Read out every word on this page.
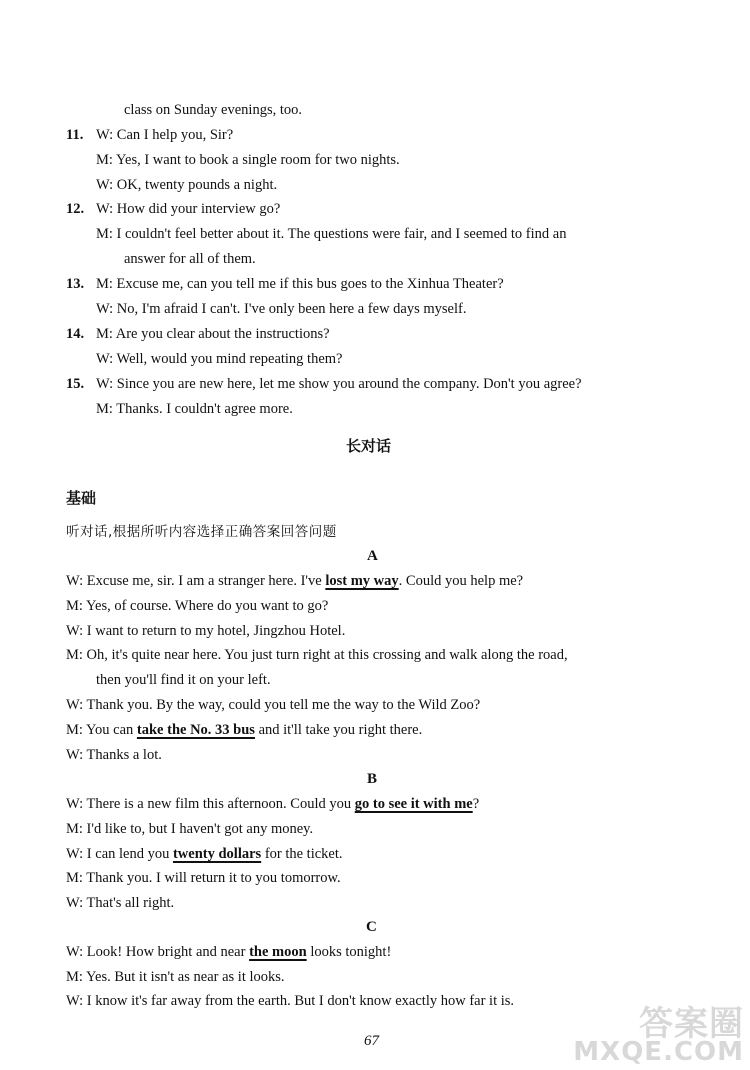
class on Sunday evenings, too.
11. W: Can I help you, Sir?
M: Yes, I want to book a single room for two nights.
W: OK, twenty pounds a night.
12. W: How did your interview go?
M: I couldn't feel better about it. The questions were fair, and I seemed to find an
answer for all of them.
13. M: Excuse me, can you tell me if this bus goes to the Xinhua Theater?
W: No, I'm afraid I can't. I've only been here a few days myself.
14. M: Are you clear about the instructions?
W: Well, would you mind repeating them?
15. W: Since you are new here, let me show you around the company. Don't you agree?
M: Thanks. I couldn't agree more.
长对话
基础
听对话,根据所听内容选择正确答案回答问题
A
W: Excuse me, sir. I am a stranger here. I've lost my way. Could you help me?
M: Yes, of course. Where do you want to go?
W: I want to return to my hotel, Jingzhou Hotel.
M: Oh, it's quite near here. You just turn right at this crossing and walk along the road,
then you'll find it on your left.
W: Thank you. By the way, could you tell me the way to the Wild Zoo?
M: You can take the No. 33 bus and it'll take you right there.
W: Thanks a lot.
B
W: There is a new film this afternoon. Could you go to see it with me?
M: I'd like to, but I haven't got any money.
W: I can lend you twenty dollars for the ticket.
M: Thank you. I will return it to you tomorrow.
W: That's all right.
C
W: Look! How bright and near the moon looks tonight!
M: Yes. But it isn't as near as it looks.
W: I know it's far away from the earth. But I don't know exactly how far it is.
67	答案圈
MXQE.COM
